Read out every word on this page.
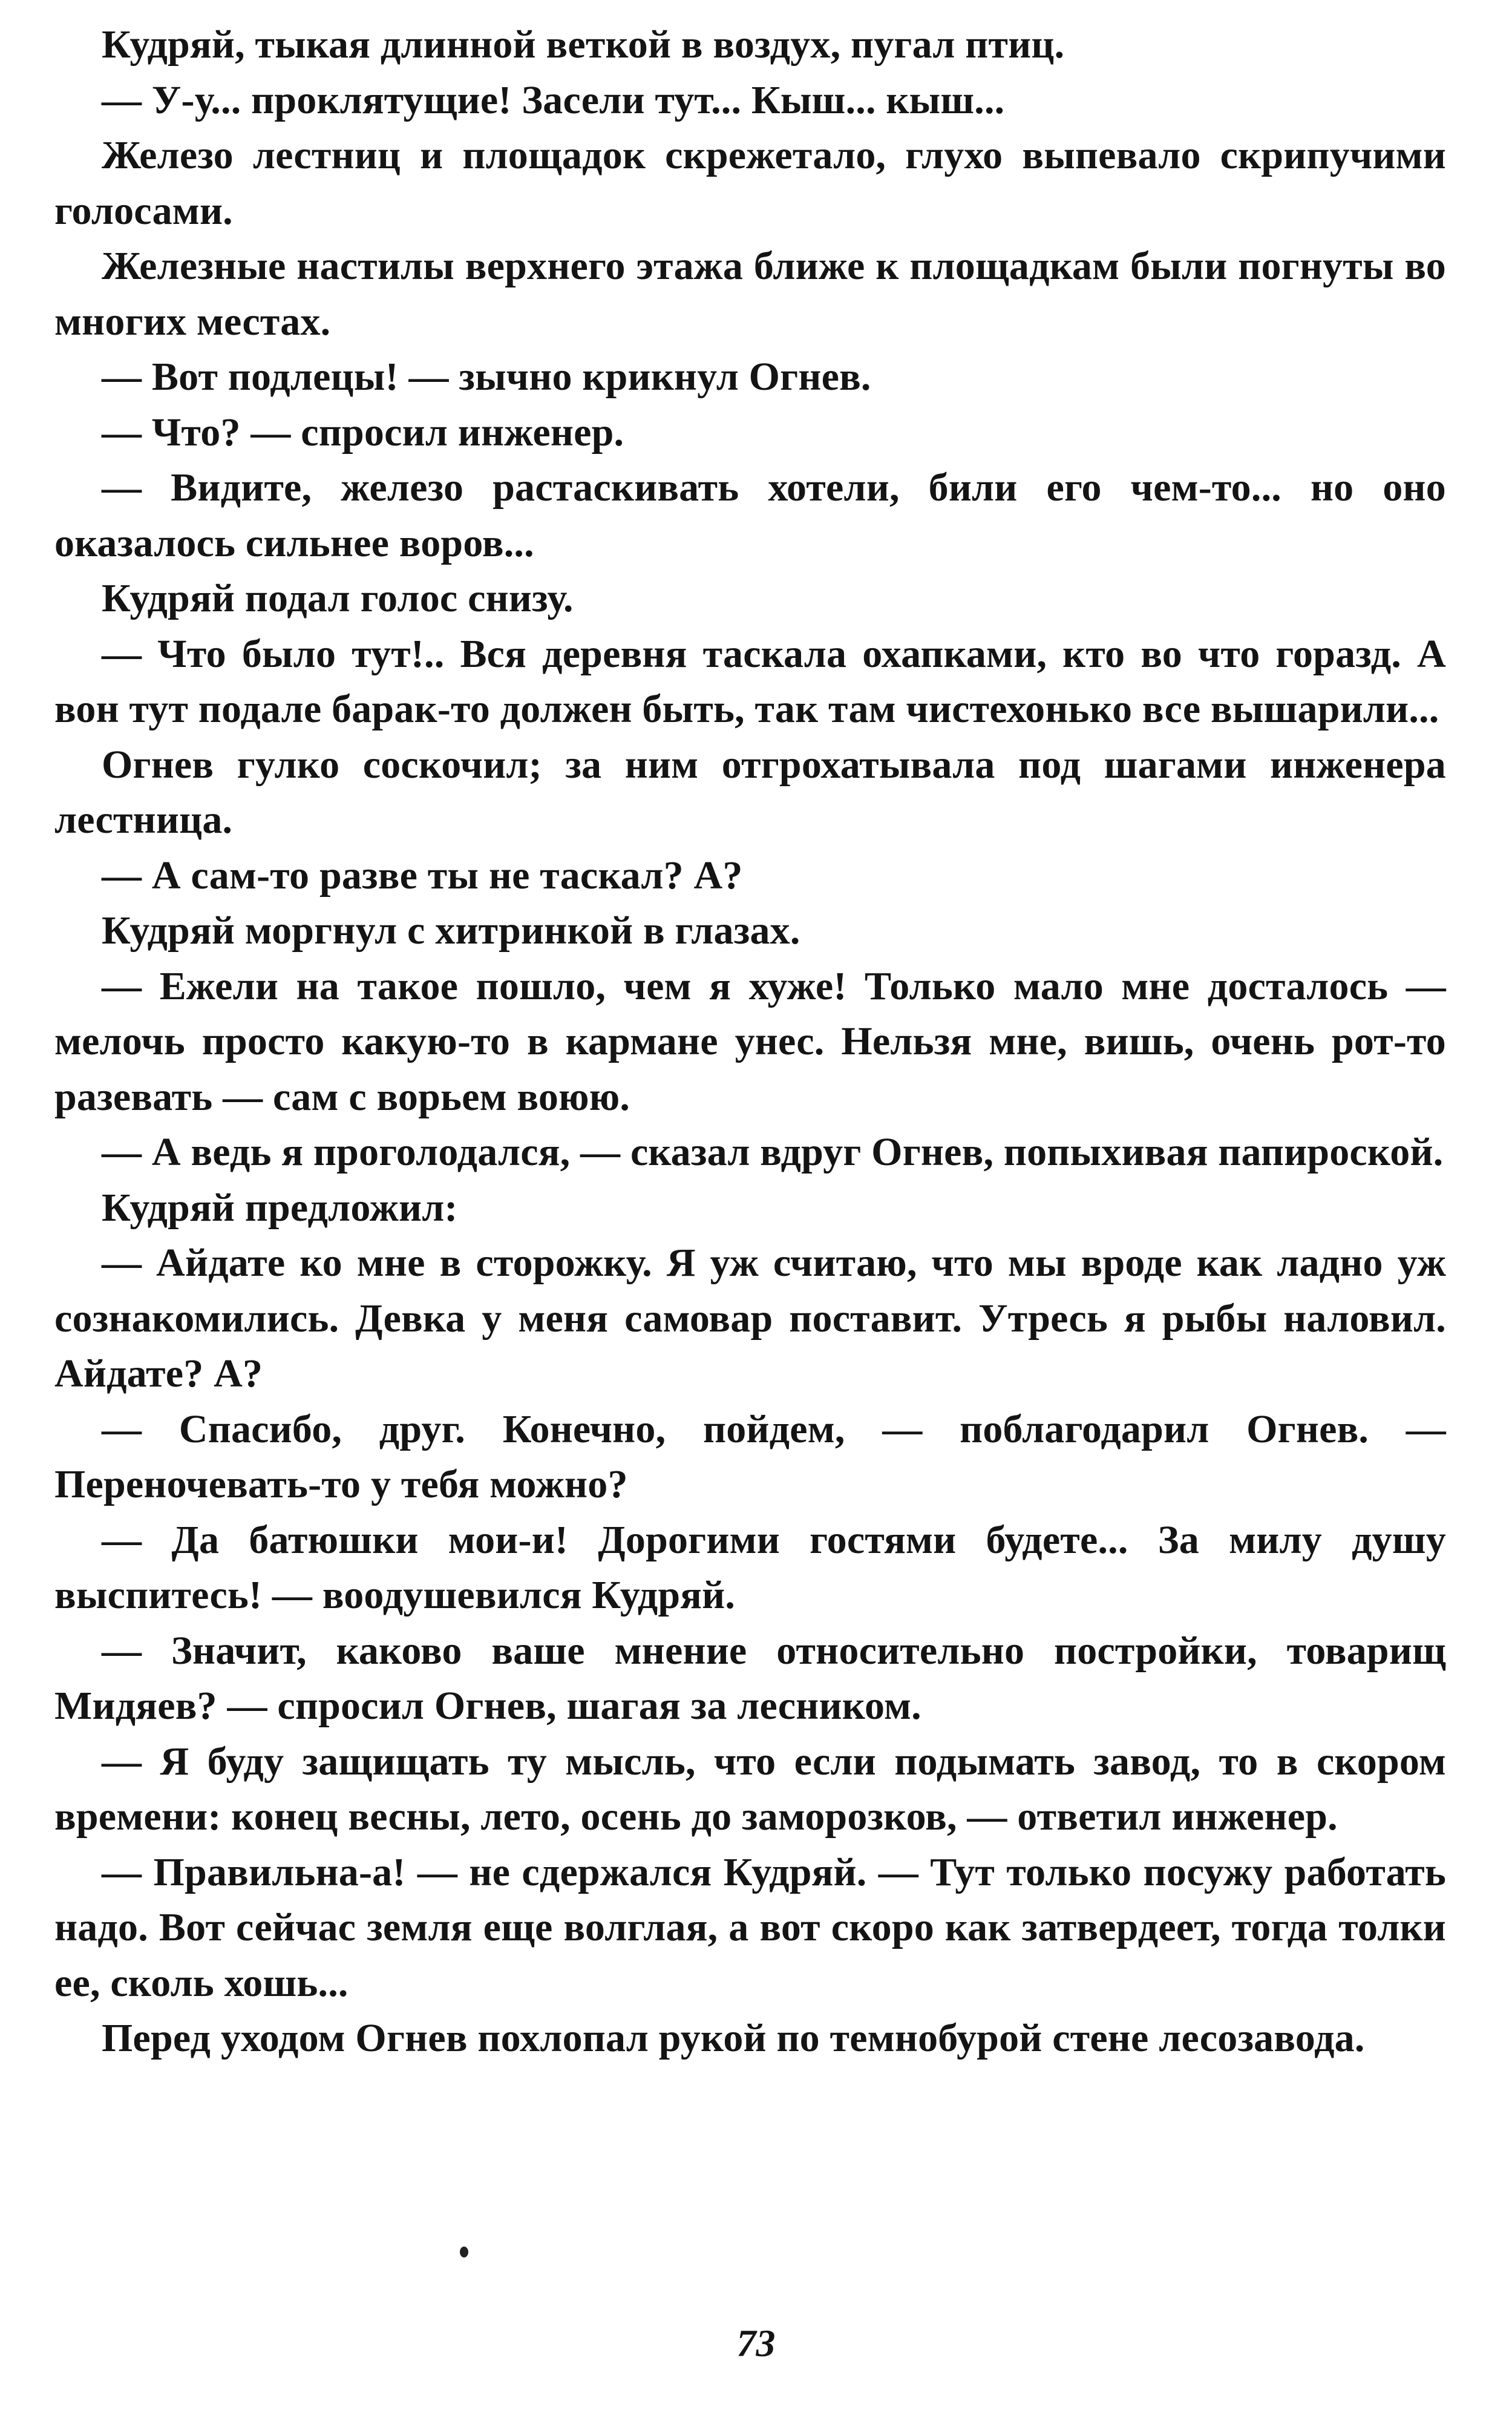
Кудряй, тыкая длинной веткой в воздух, пугал птиц.

— У-у... проклятущие! Засели тут... Кыш... кыш...

Железо лестниц и площадок скрежетало, глухо выпевало скрипучими голосами.

Железные настилы верхнего этажа ближе к площадкам были погнуты во многих местах.

— Вот подлецы! — зычно крикнул Огнев.

— Что? — спросил инженер.

— Видите, железо растаскивать хотели, били его чем-то... но оно оказалось сильнее воров...

Кудряй подал голос снизу.

— Что было тут!.. Вся деревня таскала охапками, кто во что горазд. А вон тут подале барак-то должен быть, так там чистехонько все вышарили...

Огнев гулко соскочил; за ним отгрохатывала под шагами инженера лестница.

— А сам-то разве ты не таскал? А?

Кудряй моргнул с хитринкой в глазах.

— Ежели на такое пошло, чем я хуже! Только мало мне досталось — мелочь просто какую-то в кармане унес. Нельзя мне, вишь, очень рот-то разевать — сам с ворьем воюю.

— А ведь я проголодался, — сказал вдруг Огнев, попыхивая папироской.

Кудряй предложил:

— Айдате ко мне в сторожку. Я уж считаю, что мы вроде как ладно уж сознакомились. Девка у меня самовар поставит. Утресь я рыбы наловил. Айдате? А?

— Спасибо, друг. Конечно, пойдем, — поблагодарил Огнев. — Переночевать-то у тебя можно?

— Да батюшки мои-и! Дорогими гостями будете... За милу душу выспитесь! — воодушевился Кудряй.

— Значит, каково ваше мнение относительно постройки, товарищ Мидяев? — спросил Огнев, шагая за лесником.

— Я буду защищать ту мысль, что если подымать завод, то в скором времени: конец весны, лето, осень до заморозков, — ответил инженер.

— Правильна-а! — не сдержался Кудряй. — Тут только посужу работать надо. Вот сейчас земля еще волглая, а вот скоро как затвердеет, тогда толки ее, сколь хошь...

Перед уходом Огнев похлопал рукой по темнобурой стене лесозавода.

73
